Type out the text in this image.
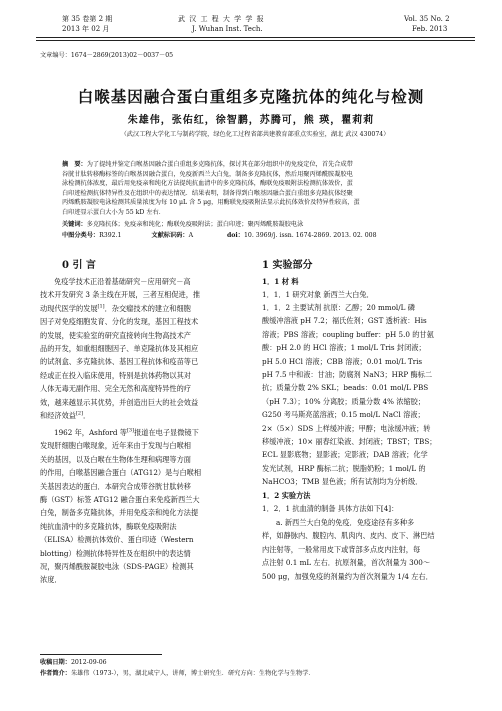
第 35 卷第 2 期
2013 年 02 月
武 汉 工 程 大 学 学 报
J. Wuhan Inst. Tech.
Vol. 35 No. 2
Feb. 2013
文章编号：1674－2869(2013)02－0037－05
白喉基因融合蛋白重组多克隆抗体的纯化与检测
朱雄伟，张佑红，徐智鹏，苏腾可，熊 瑛，瞿莉莉
（武汉工程大学化工与制药学院，绿色化工过程省部共建教育部重点实验室，湖北 武汉 430074）
摘　要：为了提纯并鉴定白喉基因融合蛋白重组多克隆抗体，探讨其在部分组织中的免疫定位，首先合成带
谷胱甘肽转移酶标签的白喉基因融合蛋白，免疫新西兰大白兔，制备多克隆抗体，然后用聚丙烯酰胺凝胶电
泳检测抗体浓度，最后用免疫亲和纯化方法提纯抗血清中的多克隆抗体，酶联免疫吸附法检测抗体效价，蛋
白印迹检测抗体特异性及在组织中的表达情况．结果表明，制备得到白喉基因融合蛋白重组多克隆抗体经聚
丙烯酰胺凝胶电泳检测其质量浓度为每 10 μL 含 5 μg，用酶联免疫吸附法显示此抗体效价及特异性较高，蛋
白印迹显示蛋白大小为 55 kD 左右．
关键词：多克隆抗体；免疫亲和纯化；酶联免疫吸附法；蛋白印迹；聚丙烯酰胺凝胶电泳
中图分类号：R392.1	文献标识码：A	doi：10. 3969/j. issn. 1674-2869. 2013. 02. 008
0 引 言

免疫学技术正沿着基础研究－应用研究－高

技术开发研究 3 条主线在开展，三者互相促进，推
动现代医学的发展[1]．杂交瘤技术的建立和细胞
因子对免疫细胞发育、分化的发现，基因工程技术
的发展，使实验室的研究直接转向生物高技术产
品的开发，如重组细胞因子、单克隆抗体及其相应
的试剂盒、多克隆抗体、基因工程抗体和疫苗等已
经或正在投入临床使用，特别是抗体药物以其对
人体无毒无副作用、完全无然和高度特异性的疗
效，越来越显示其优势，并创造出巨大的社会效益
和经济效益[2]．

1962 年，Ashford 等[3]报道在电子显微镜下

发现肝细胞白喉现象，近年来由于发现与白喉相
关的基因，以及白喉在生物体生理和病理等方面
的作用，白喉基因融合蛋白（ATG12）是与白喉相
关基因表达的蛋白．本研究合成带谷胱甘肽转移
酶（GST）标签 ATG12 融合蛋白来免疫新西兰大
白兔，制备多克隆抗体，并用免疫亲和纯化方法提
纯抗血清中的多克隆抗体，酶联免疫吸附法
（ELISA）检测抗体效价、蛋白印迹（Western
blotting）检测抗体特异性及在组织中的表达情
况，聚丙烯酰胺凝胶电泳（SDS-PAGE）检测其
浓度．
1 实验部分
1．1 材 料
1．1．1 研究对象 新西兰大白兔．
1．1．2 主要试剂 抗原：乙醇；20 mmol/L 磷
酸缓冲溶液 pH 7.2；福氏佐剂；GST 透析液：His
溶液；PBS 溶液；coupling buffer：pH 5.0 的甘氨
酸：pH 2.0 的 HCl 溶液；1 mol/L Tris 封闭液；
pH 5.0 HCl 溶液；CBB 溶液；0.01 mol/L Tris
pH 7.5 中和液：甘油；防腐剂 NaN3；HRP 酶标二
抗；质量分数 2% SKL；beads：0.01 mol/L PBS
（pH 7.3）；10% 分离胶；质量分数 4% 浓缩胶；
G250 考马斯亮蓝溶液；0.15 mol/L NaCl 溶液；
2×（5×）SDS 上样缓冲液；甲醇；电泳缓冲液；转
移缓冲液；10× 丽春红染液、封闭液；TBST；TBS；
ECL 显影底物；显影液；定影液；DAB 溶液；化学
发光试剂，HRP 酶标二抗；脱脂奶粉；1 mol/L 的
NaHCO3；TMB 显色液；所有试剂均为分析级．
1．2 实验方法
1．2．1 抗血清的制备 具体方法如下[4]：

a. 新西兰大白兔的免疫．免疫途径有多种多

样，如静脉内、腹腔内、肌肉内、皮内、皮下、淋巴结
内注射等，一般常用皮下或背部多点皮内注射，每
点注射 0.1 mL 左右．抗原剂量，首次剂量为 300～
500 μg，加强免疫的剂量约为首次剂量为 1/4 左右．
收稿日期：2012-09-06
作者简介：朱雄伟（1973-），男，湖北咸宁人，讲师，博士研究生．研究方向：生物化学与生物学．
